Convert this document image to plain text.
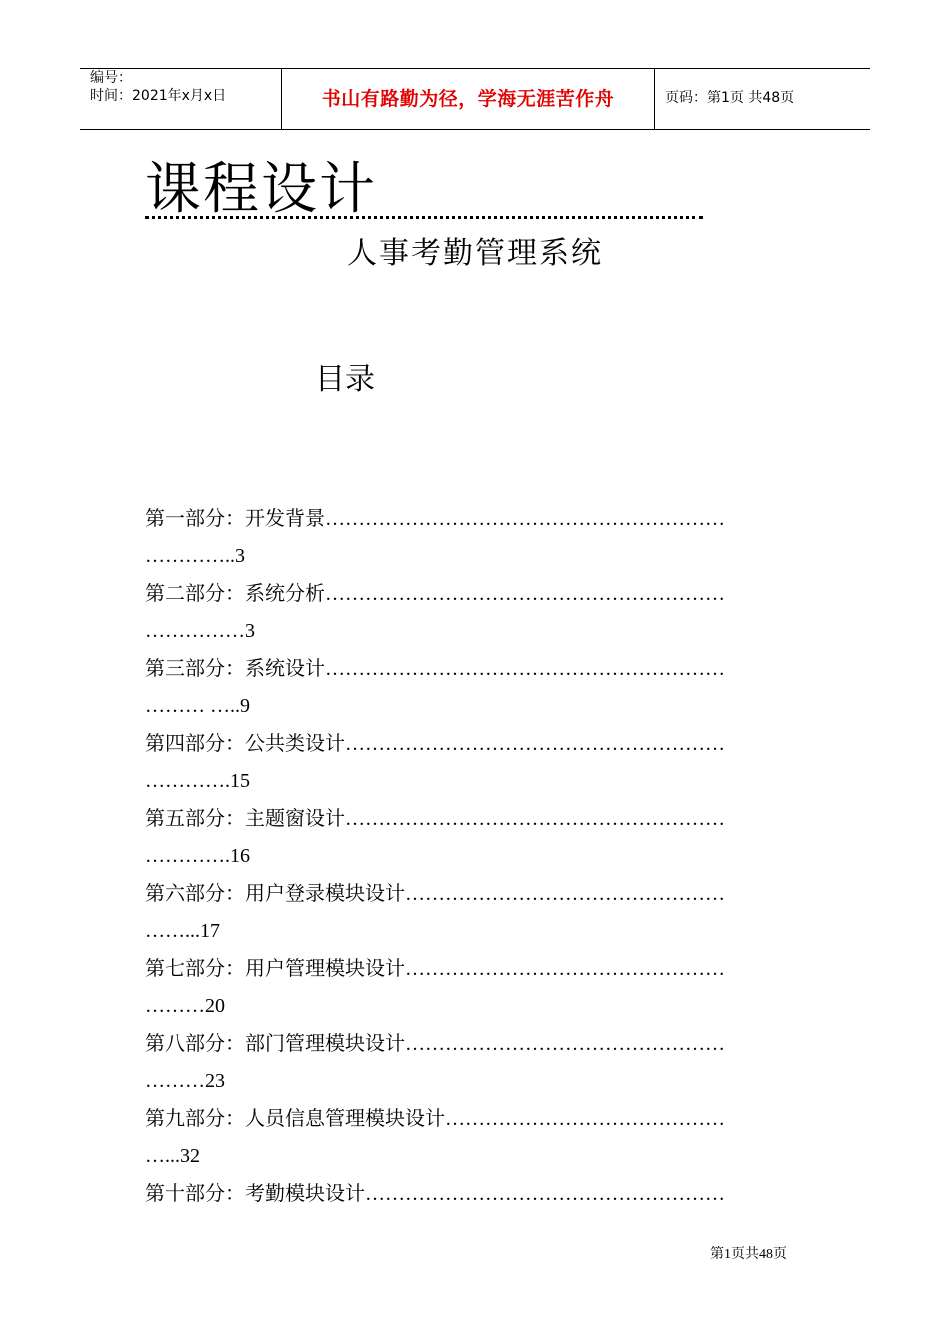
编号：
时间：2021年x月x日	书山有路勤为径，学海无涯苦作舟	页码：第1页 共48页
课程设计
人事考勤管理系统
目录
第一部分：开发背景……………………………………………………
…………..3
第二部分：系统分析……………………………………………………
……………3
第三部分：系统设计……………………………………………………
……… …..9
第四部分：公共类设计…………………………………………………
………….15
第五部分：主题窗设计…………………………………………………
………….16
第六部分：用户登录模块设计…………………………………………
……...17
第七部分：用户管理模块设计…………………………………………
………20
第八部分：部门管理模块设计…………………………………………
………23
第九部分：人员信息管理模块设计……………………………………
…...32
第十部分：考勤模块设计………………………………………………
第1页共48页
